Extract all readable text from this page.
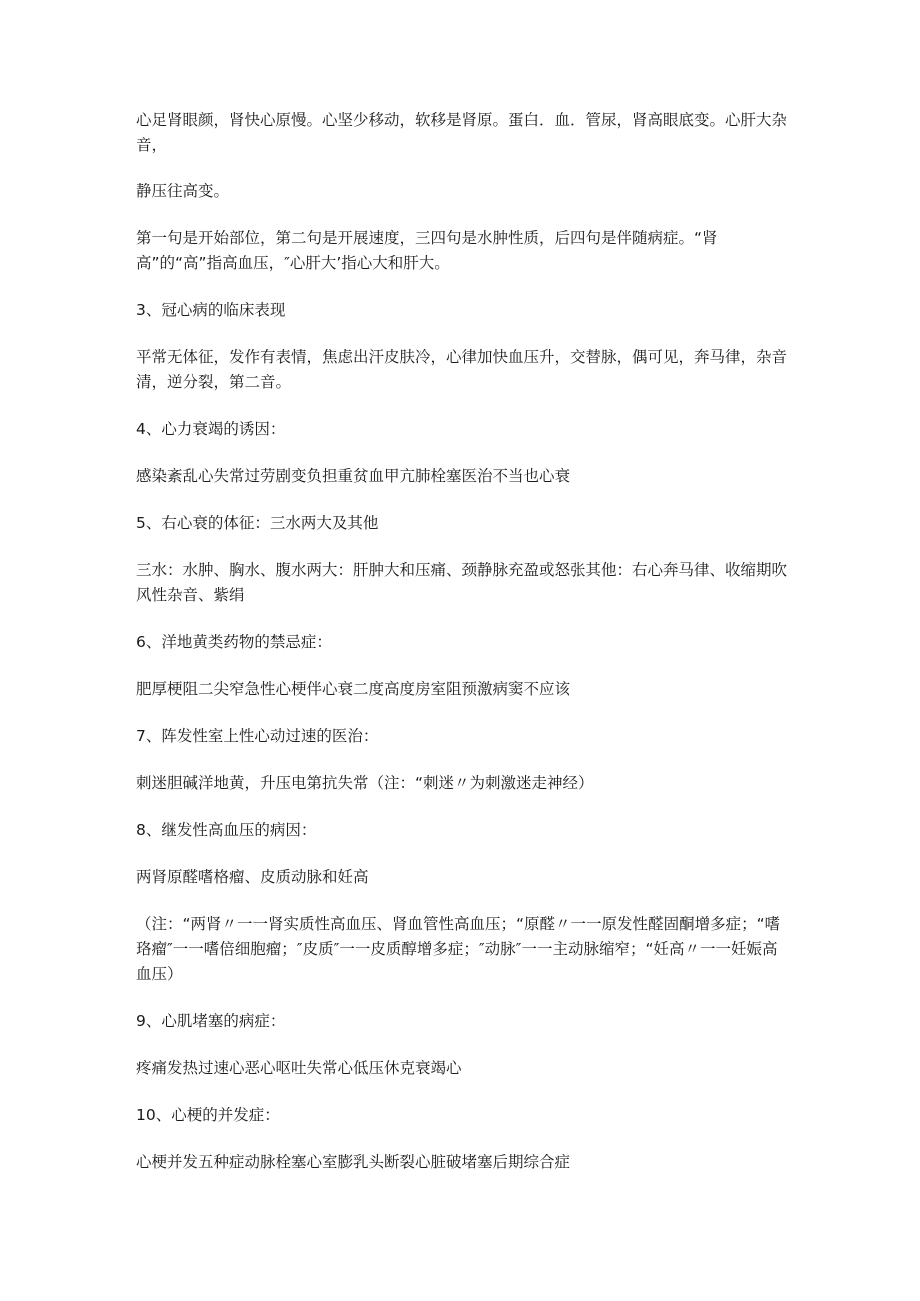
心足肾眼颜，肾快心原慢。心坚少移动，软移是肾原。蛋白．血．管尿，肾高眼底变。心肝大杂音，

静压往高变。

第一句是开始部位，第二句是开展速度，三四句是水肿性质，后四句是伴随病症。“肾高”的“高”指高血压，″心肝大’指心大和肝大。

3、冠心病的临床表现

平常无体征，发作有表情，焦虑出汗皮肤冷，心律加快血压升，交替脉，偶可见，奔马律，杂音清，逆分裂，第二音。

4、心力衰竭的诱因：

感染紊乱心失常过劳剧变负担重贫血甲亢肺栓塞医治不当也心衰

5、右心衰的体征：三水两大及其他

三水：水肿、胸水、腹水两大：肝肿大和压痛、颈静脉充盈或怒张其他：右心奔马律、收缩期吹风性杂音、紫绢

6、洋地黄类药物的禁忌症：

肥厚梗阻二尖窄急性心梗伴心衰二度高度房室阻预激病窦不应该

7、阵发性室上性心动过速的医治：

刺迷胆碱洋地黄，升压电第抗失常（注：“刺迷〃为刺激迷走神经）

8、继发性高血压的病因：

两肾原醛嗜格瘤、皮质动脉和妊高

（注：“两肾〃一一肾实质性高血压、肾血管性高血压；“原醛〃一一原发性醛固酮增多症；“嗜珞瘤″一一嗜倍细胞瘤；″皮质″一一皮质醇增多症；″动脉″一一主动脉缩窄；“妊高〃一一妊娠高血压）

9、心肌堵塞的病症：

疼痛发热过速心恶心呕吐失常心低压休克衰竭心

10、心梗的并发症：

心梗并发五种症动脉栓塞心室膨乳头断裂心脏破堵塞后期综合症
